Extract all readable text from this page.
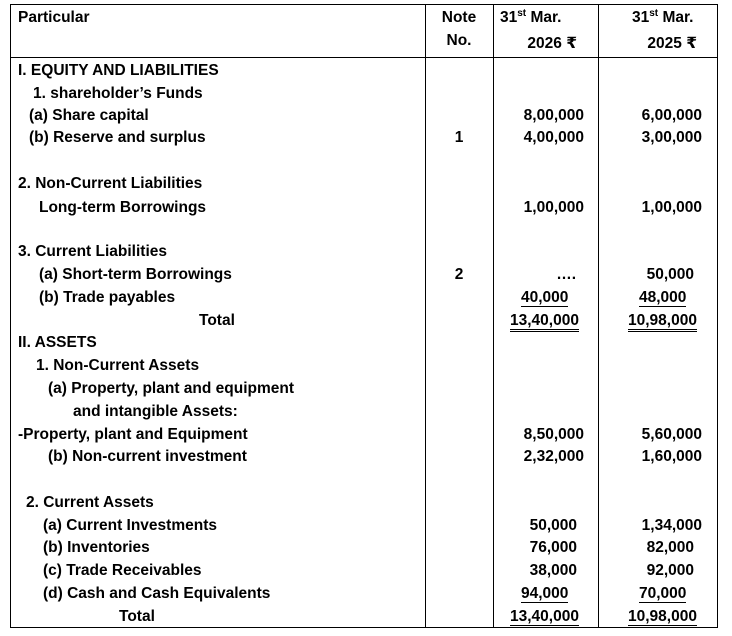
Particular	Note
No.
31st Mar.
2026 ₹
31st Mar.
2025 ₹
I. EQUITY AND LIABILITIES
1. shareholder’s Funds
(a) Share capital
(b) Reserve and surplus
2. Non-Current Liabilities
Long-term Borrowings
3. Current Liabilities
(a) Short-term Borrowings
(b) Trade payables
Total
II. ASSETS
1. Non-Current Assets
(a) Property, plant and equipment
and intangible Assets:
-Property, plant and Equipment
(b) Non-current investment
2. Current Assets
(a) Current Investments
(b) Inventories
(c) Trade Receivables
(d) Cash and Cash Equivalents
Total
1
2
8,00,000
4,00,000
1,00,000
….
40,000
13,40,000
8,50,000
2,32,000
50,000
76,000
38,000
94,000
13,40,000
6,00,000
3,00,000
1,00,000
50,000
48,000
10,98,000
5,60,000
1,60,000
1,34,000
82,000
92,000
70,000
10,98,000
